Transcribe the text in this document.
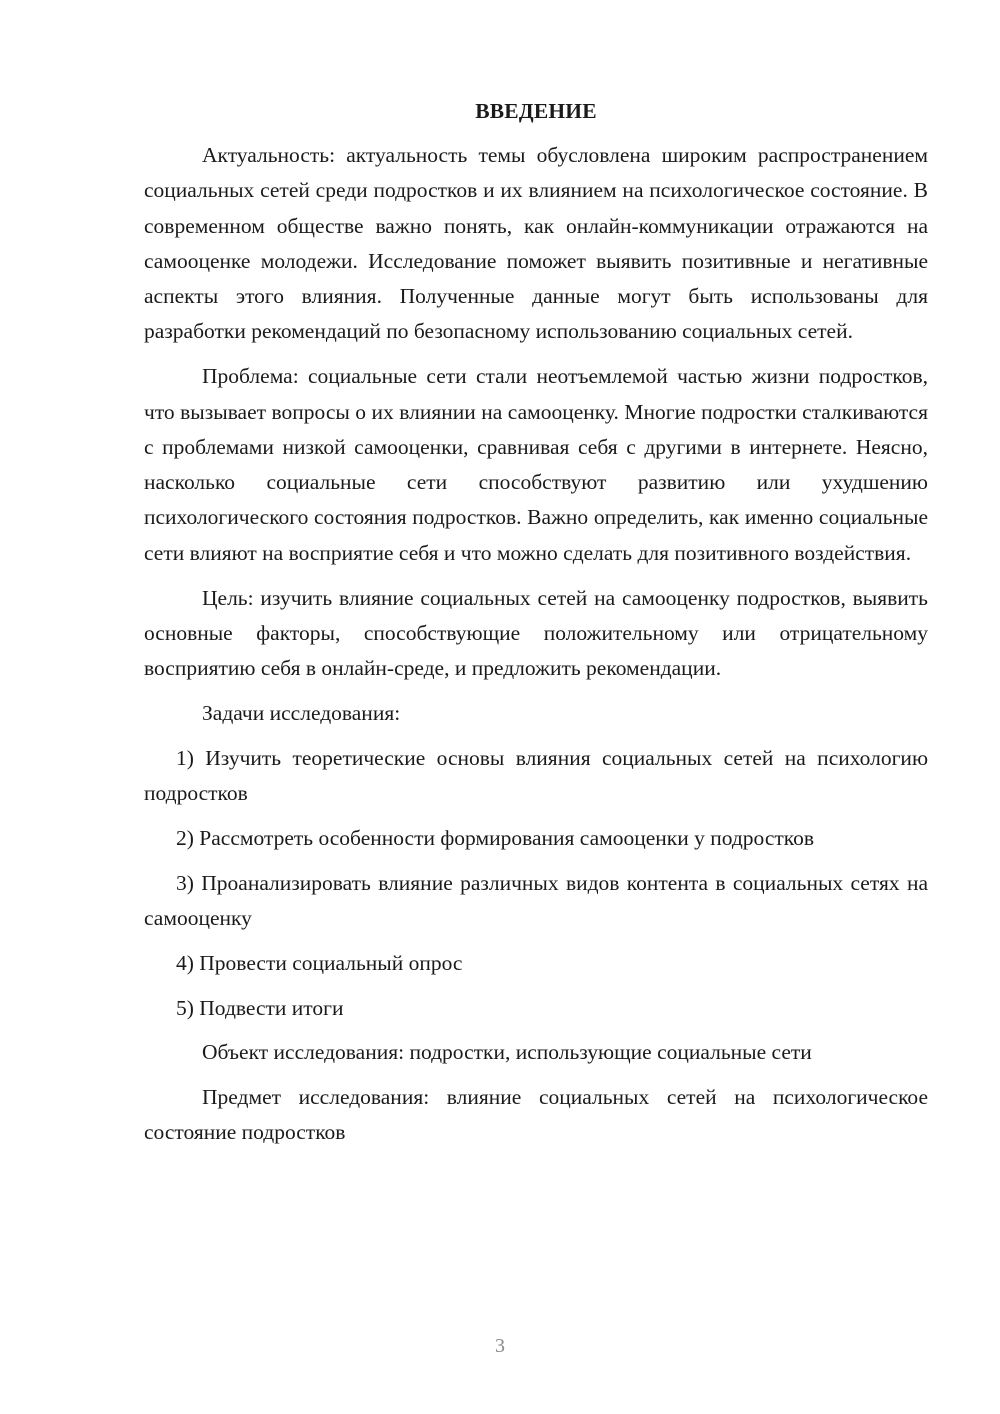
ВВЕДЕНИЕ

Актуальность: актуальность темы обусловлена широким распространением социальных сетей среди подростков и их влиянием на психологическое состояние. В современном обществе важно понять, как онлайн-коммуникации отражаются на самооценке молодежи. Исследование поможет выявить позитивные и негативные аспекты этого влияния. Полученные данные могут быть использованы для разработки рекомендаций по безопасному использованию социальных сетей.

Проблема: социальные сети стали неотъемлемой частью жизни подростков, что вызывает вопросы о их влиянии на самооценку. Многие подростки сталкиваются с проблемами низкой самооценки, сравнивая себя с другими в интернете. Неясно, насколько социальные сети способствуют развитию или ухудшению психологического состояния подростков. Важно определить, как именно социальные сети влияют на восприятие себя и что можно сделать для позитивного воздействия.

Цель: изучить влияние социальных сетей на самооценку подростков, выявить основные факторы, способствующие положительному или отрицательному восприятию себя в онлайн-среде, и предложить рекомендации.

Задачи исследования:

1) Изучить теоретические основы влияния социальных сетей на психологию подростков

2) Рассмотреть особенности формирования самооценки у подростков

3) Проанализировать влияние различных видов контента в социальных сетях на самооценку

4) Провести социальный опрос

5) Подвести итоги

Объект исследования: подростки, использующие социальные сети

Предмет исследования: влияние социальных сетей на психологическое состояние подростков

3
